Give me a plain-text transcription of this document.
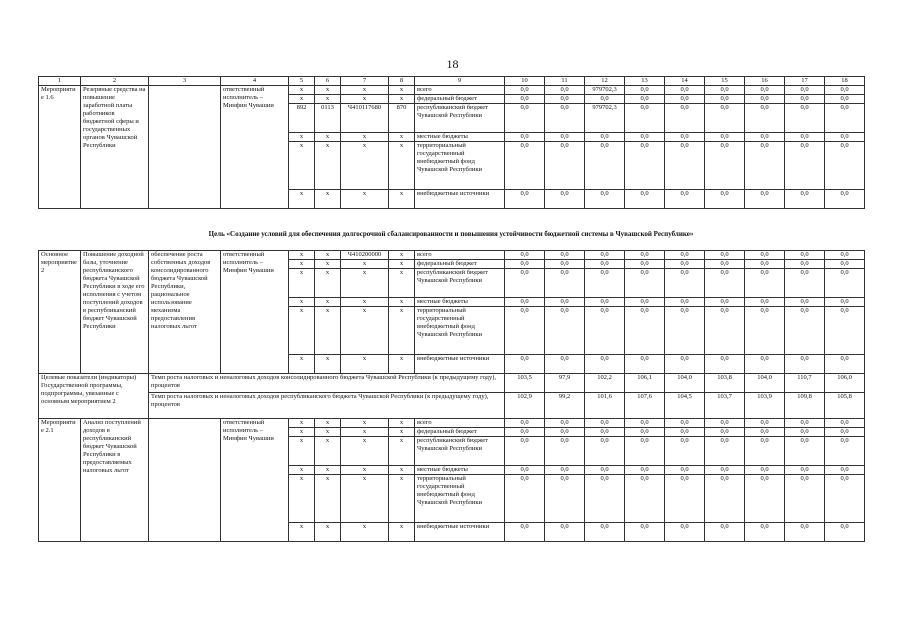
18
1	2	3	4	5	6	7	8	9	10	11	12	13	14	15	16	17	18
Мероприятие 1.6	Резервные средства на повышение заработной платы работников бюджетной сферы и государственных органов Чувашской Республики		ответственный исполнитель – Минфин Чувашии	x	x	x	x	всего	0,0	0,0	979702,3	0,0	0,0	0,0	0,0	0,0	0,0
				x	x	x	x	федеральный бюджет	0,0	0,0	0,0	0,0	0,0	0,0	0,0	0,0	0,0
				892	0113	Ч410117680	870	республиканский бюджет Чувашской Республики	0,0	0,0	979702,3	0,0	0,0	0,0	0,0	0,0	0,0
				x	x	x	x	местные бюджеты	0,0	0,0	0,0	0,0	0,0	0,0	0,0	0,0	0,0
				x	x	x	x	территориальный государственный внебюджетный фонд Чувашской Республики	0,0	0,0	0,0	0,0	0,0	0,0	0,0	0,0	0,0
				x	x	x	x	внебюджетные источники	0,0	0,0	0,0	0,0	0,0	0,0	0,0	0,0	0,0
Цель «Создание условий для обеспечения долгосрочной сбалансированности и повышения устойчивости бюджетной системы в Чувашской Республике»
Основное мероприятие 2	Повышение доходной базы, уточнение республиканского бюджета Чувашской Республики в ходе его исполнения с учетом поступлений доходов в республиканский бюджет Чувашской Республики	обеспечение роста собственных доходов консолидированного бюджета Чувашской Республики, рациональное использование механизма предоставления налоговых льгот	ответственный исполнитель – Минфин Чувашии	x	x	Ч410200000	x	всего	0,0	0,0	0,0	0,0	0,0	0,0	0,0	0,0	0,0
				x	x	x	x	федеральный бюджет	0,0	0,0	0,0	0,0	0,0	0,0	0,0	0,0	0,0
				x	x	x	x	республиканский бюджет Чувашской Республики	0,0	0,0	0,0	0,0	0,0	0,0	0,0	0,0	0,0
				x	x	x	x	местные бюджеты	0,0	0,0	0,0	0,0	0,0	0,0	0,0	0,0	0,0
				x	x	x	x	территориальный государственный внебюджетный фонд Чувашской Республики	0,0	0,0	0,0	0,0	0,0	0,0	0,0	0,0	0,0
				x	x	x	x	внебюджетные источники	0,0	0,0	0,0	0,0	0,0	0,0	0,0	0,0	0,0
Целевые показатели (индикаторы) Государственной программы, подпрограммы, увязанные с основным мероприятием 2		Темп роста налоговых и неналоговых доходов консолидированного бюджета Чувашской Республики (к предыдущему году), процентов							103,5	97,9	102,2	106,1	104,0	103,8	104,0	110,7	106,0
		Темп роста налоговых и неналоговых доходов республиканского бюджета Чувашской Республики (к предыдущему году), процентов							102,9	99,2	101,6	107,6	104,5	103,7	103,9	109,8	105,8
Мероприятие 2.1	Анализ поступлений доходов в республиканский бюджет Чувашской Республики в предоставляемых налоговых льгот		ответственный исполнитель – Минфин Чувашии	x	x	x	x	всего	0,0	0,0	0,0	0,0	0,0	0,0	0,0	0,0	0,0
				x	x	x	x	федеральный бюджет	0,0	0,0	0,0	0,0	0,0	0,0	0,0	0,0	0,0
				x	x	x	x	республиканский бюджет Чувашской Республики	0,0	0,0	0,0	0,0	0,0	0,0	0,0	0,0	0,0
				x	x	x	x	местные бюджеты	0,0	0,0	0,0	0,0	0,0	0,0	0,0	0,0	0,0
				x	x	x	x	территориальный государственный внебюджетный фонд Чувашской Республики	0,0	0,0	0,0	0,0	0,0	0,0	0,0	0,0	0,0
				x	x	x	x	внебюджетные источники	0,0	0,0	0,0	0,0	0,0	0,0	0,0	0,0	0,0
